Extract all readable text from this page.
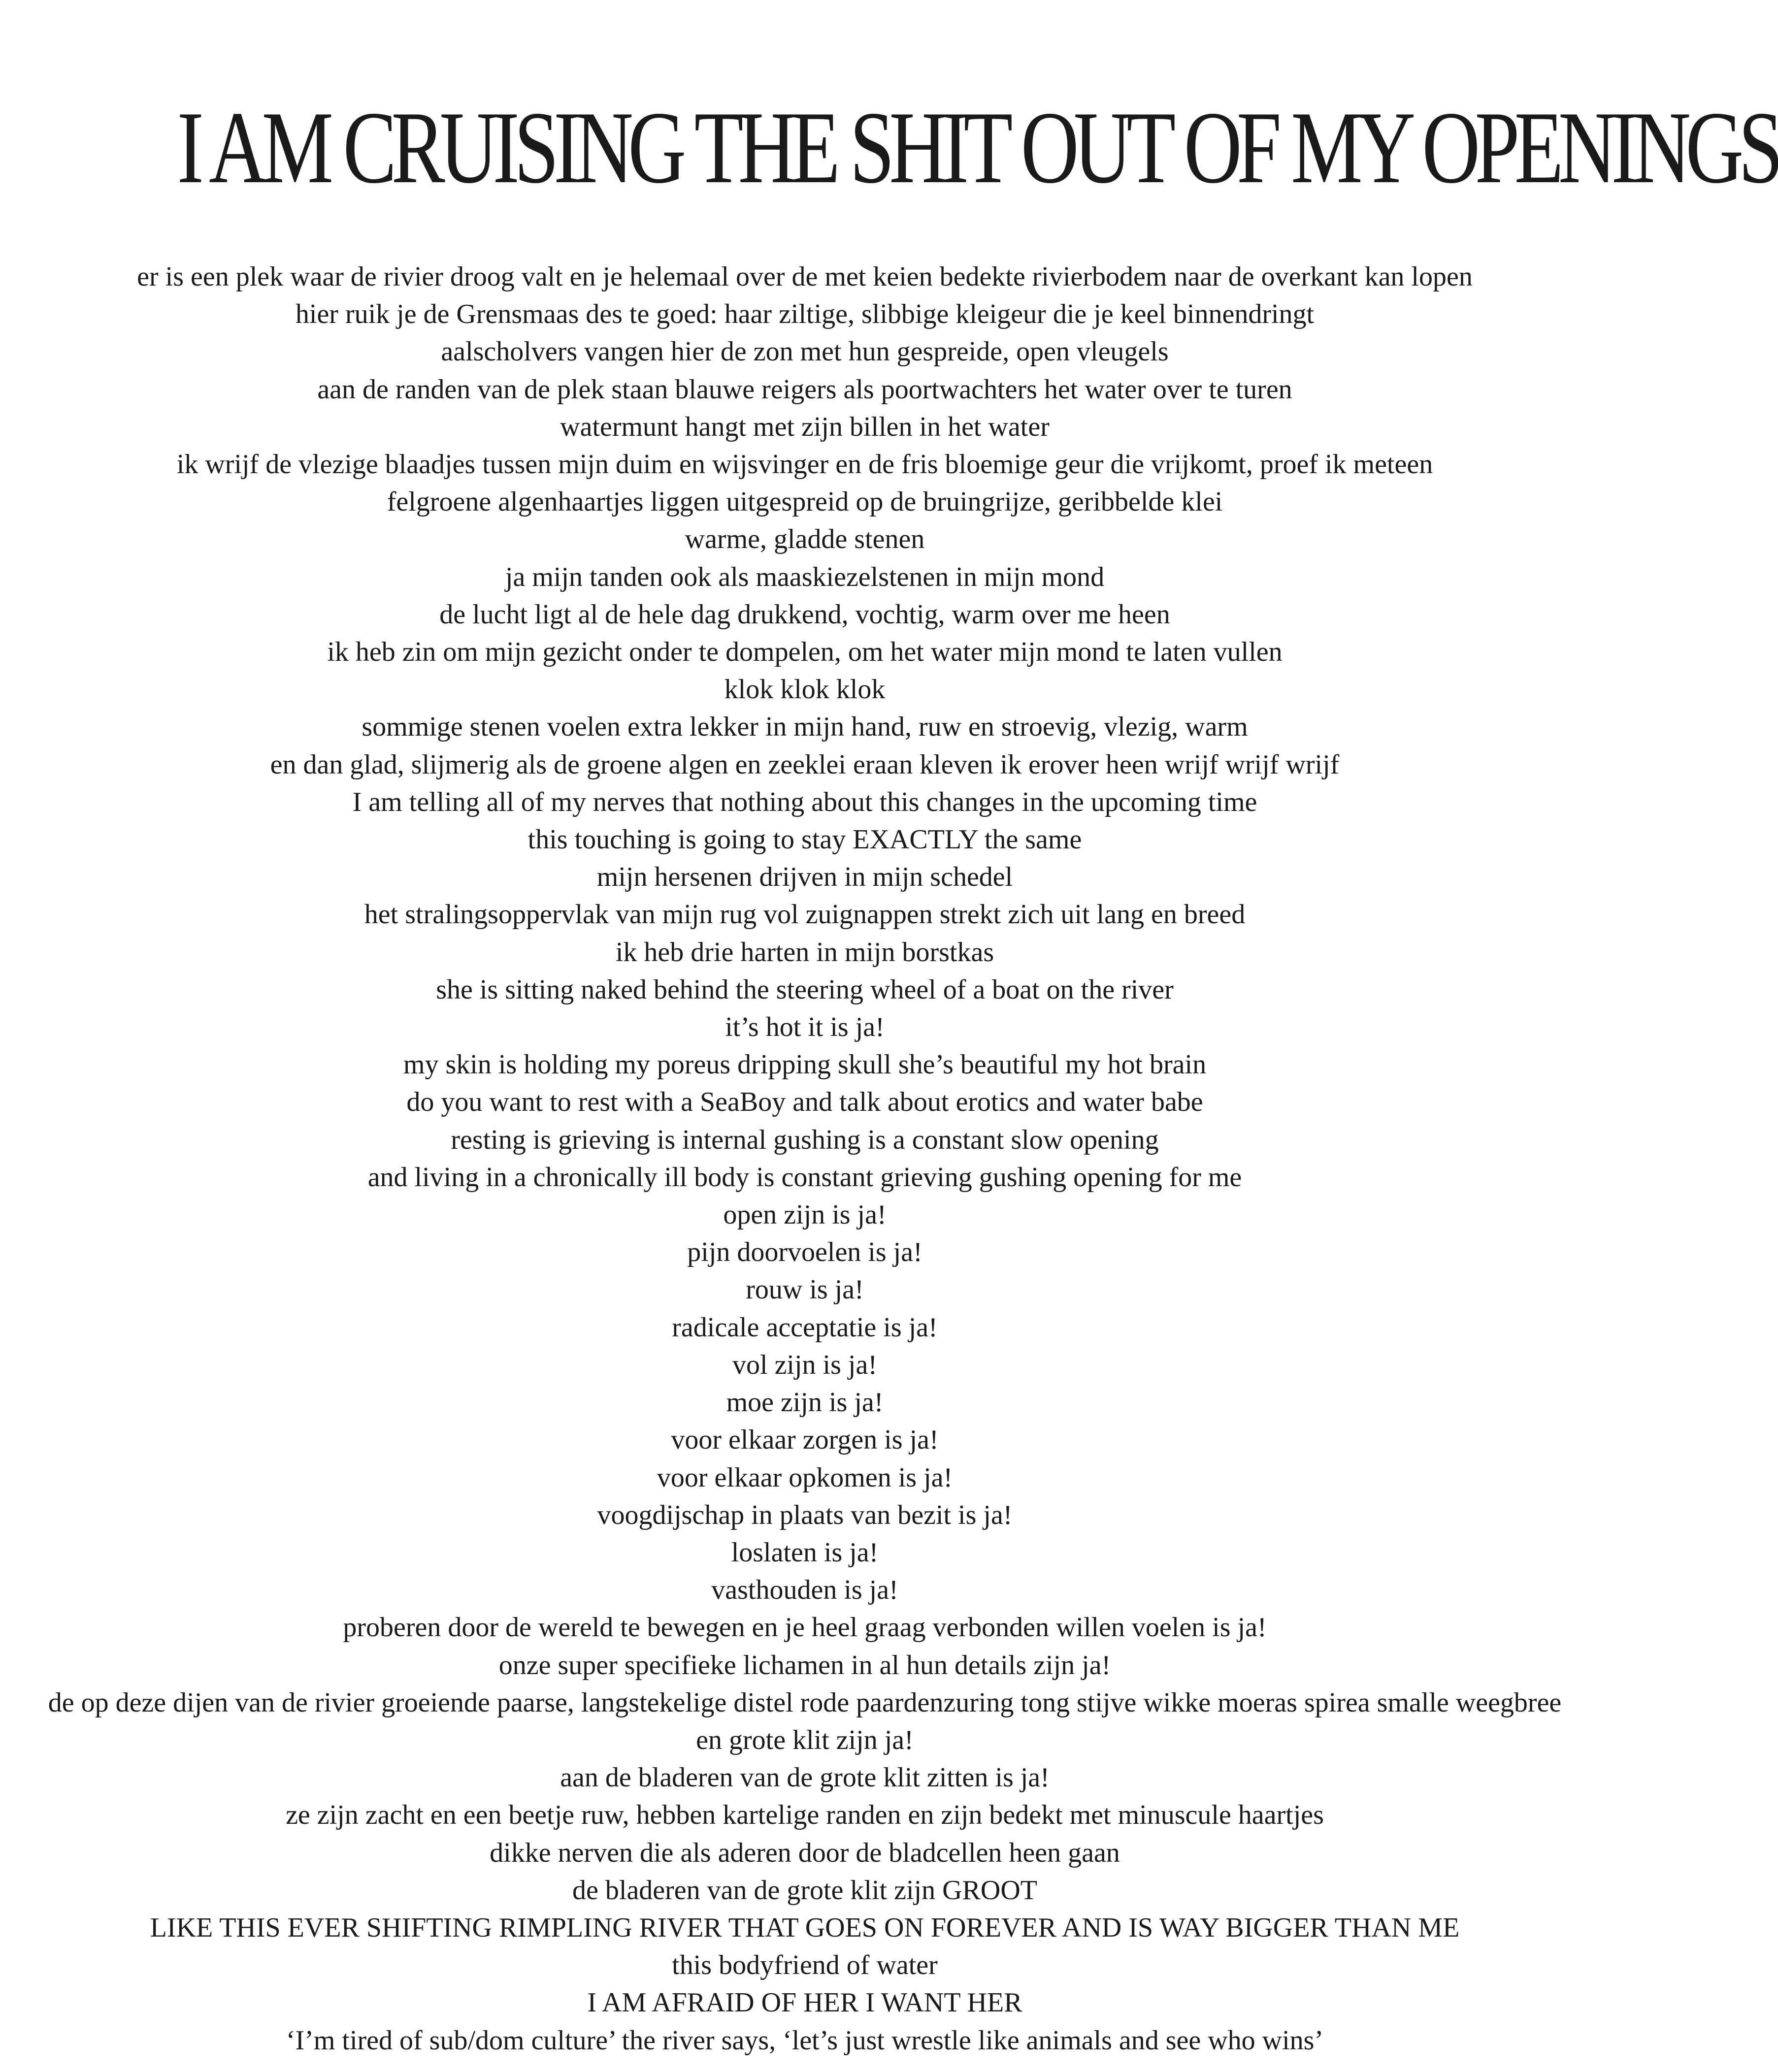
I AM CRUISING THE SHIT OUT OF MY OPENINGS
er is een plek waar de rivier droog valt en je helemaal over de met keien bedekte rivierbodem naar de overkant kan lopen
hier ruik je de Grensmaas des te goed: haar ziltige, slibbige kleigeur die je keel binnendringt
aalscholvers vangen hier de zon met hun gespreide, open vleugels
aan de randen van de plek staan blauwe reigers als poortwachters het water over te turen
watermunt hangt met zijn billen in het water
ik wrijf de vlezige blaadjes tussen mijn duim en wijsvinger en de fris bloemige geur die vrijkomt, proef ik meteen
felgroene algenhaartjes liggen uitgespreid op de bruingrijze, geribbelde klei
warme, gladde stenen
ja mijn tanden ook als maaskiezelstenen in mijn mond
de lucht ligt al de hele dag drukkend, vochtig, warm over me heen
ik heb zin om mijn gezicht onder te dompelen, om het water mijn mond te laten vullen
klok klok klok
sommige stenen voelen extra lekker in mijn hand, ruw en stroevig, vlezig, warm
en dan glad, slijmerig als de groene algen en zeeklei eraan kleven ik erover heen wrijf wrijf wrijf
I am telling all of my nerves that nothing about this changes in the upcoming time
this touching is going to stay EXACTLY the same
mijn hersenen drijven in mijn schedel
het stralingsoppervlak van mijn rug vol zuignappen strekt zich uit lang en breed
ik heb drie harten in mijn borstkas
she is sitting naked behind the steering wheel of a boat on the river
it’s hot it is ja!
my skin is holding my poreus dripping skull she’s beautiful my hot brain
do you want to rest with a SeaBoy and talk about erotics and water babe
resting is grieving is internal gushing is a constant slow opening
and living in a chronically ill body is constant grieving gushing opening for me
open zijn is ja!
pijn doorvoelen is ja!
rouw is ja!
radicale acceptatie is ja!
vol zijn is ja!
moe zijn is ja!
voor elkaar zorgen is ja!
voor elkaar opkomen is ja!
voogdijschap in plaats van bezit is ja!
loslaten is ja!
vasthouden is ja!
proberen door de wereld te bewegen en je heel graag verbonden willen voelen is ja!
onze super specifieke lichamen in al hun details zijn ja!
de op deze dijen van de rivier groeiende paarse, langstekelige distel rode paardenzuring tong stijve wikke moeras spirea smalle weegbree en grote klit zijn ja!
aan de bladeren van de grote klit zitten is ja!
ze zijn zacht en een beetje ruw, hebben kartelige randen en zijn bedekt met minuscule haartjes
dikke nerven die als aderen door de bladcellen heen gaan
de bladeren van de grote klit zijn GROOT
LIKE THIS EVER SHIFTING RIMPLING RIVER THAT GOES ON FOREVER AND IS WAY BIGGER THAN ME
this bodyfriend of water
I AM AFRAID OF HER I WANT HER
‘I’m tired of sub/dom culture’ the river says, ‘let’s just wrestle like animals and see who wins’
